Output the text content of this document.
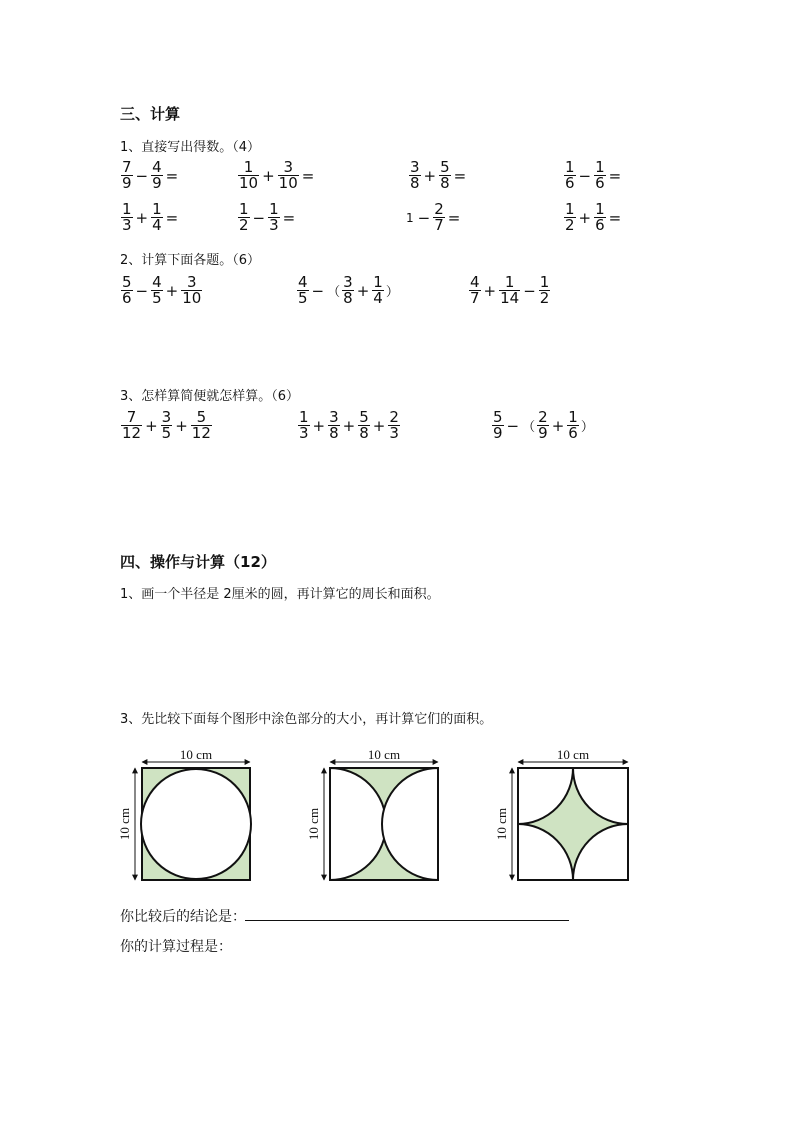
三、计算
1、直接写出得数。（4）
$\frac{7}{9} - \frac{4}{9}$ =	$\frac{1}{10} + \frac{3}{10}$ =	$\frac{3}{8} + \frac{5}{8}$ =	$\frac{1}{6} - \frac{1}{6}$ =
$\frac{1}{3} + \frac{1}{4}$ =	$\frac{1}{2} - \frac{1}{3}$ =	$1 - \frac{2}{7}$ =	$\frac{1}{2} + \frac{1}{6}$ =
2、计算下面各题。（6）
$\frac{5}{6} - \frac{4}{5} + \frac{3}{10}$	$\frac{4}{5}$ − （ $\frac{3}{8} + \frac{1}{4}$ ）	$\frac{4}{7} + \frac{1}{14} - \frac{1}{2}$
3、怎样算简便就怎样算。（6）
$\frac{7}{12} + \frac{3}{5} + \frac{5}{12}$	$\frac{1}{3} + \frac{3}{8} + \frac{5}{8} + \frac{2}{3}$	$\frac{5}{9}$ − （ $\frac{2}{9} + \frac{1}{6}$ ）
四、操作与计算（12）
1、画一个半径是 2厘米的圆，再计算它的周长和面积。
3、先比较下面每个图形中涂色部分的大小，再计算它们的面积。
10 cm
10 cm
10 cm
10 cm
10 cm
10 cm
你比较后的结论是：
你的计算过程是：
